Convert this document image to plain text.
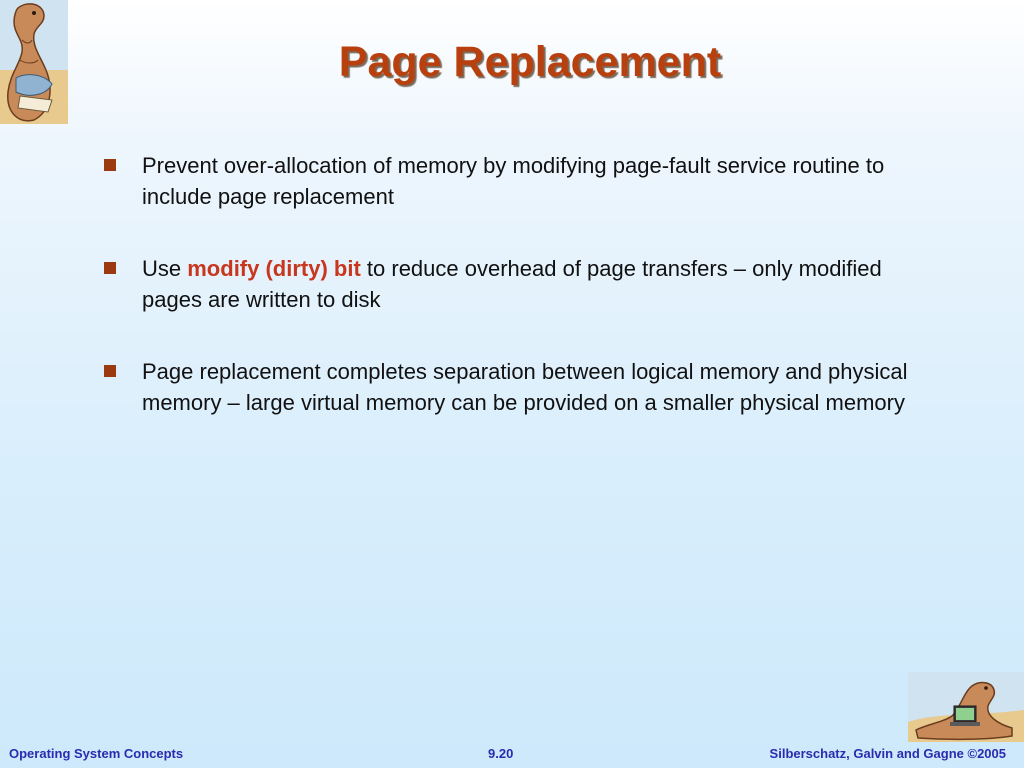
Page Replacement
Prevent over-allocation of memory by modifying page-fault service routine to include page replacement
Use modify (dirty) bit to reduce overhead of page transfers – only modified pages are written to disk
Page replacement completes separation between logical memory and physical memory – large virtual memory can be provided on a smaller physical memory
Operating System Concepts	9.20	Silberschatz, Galvin and Gagne ©2005
